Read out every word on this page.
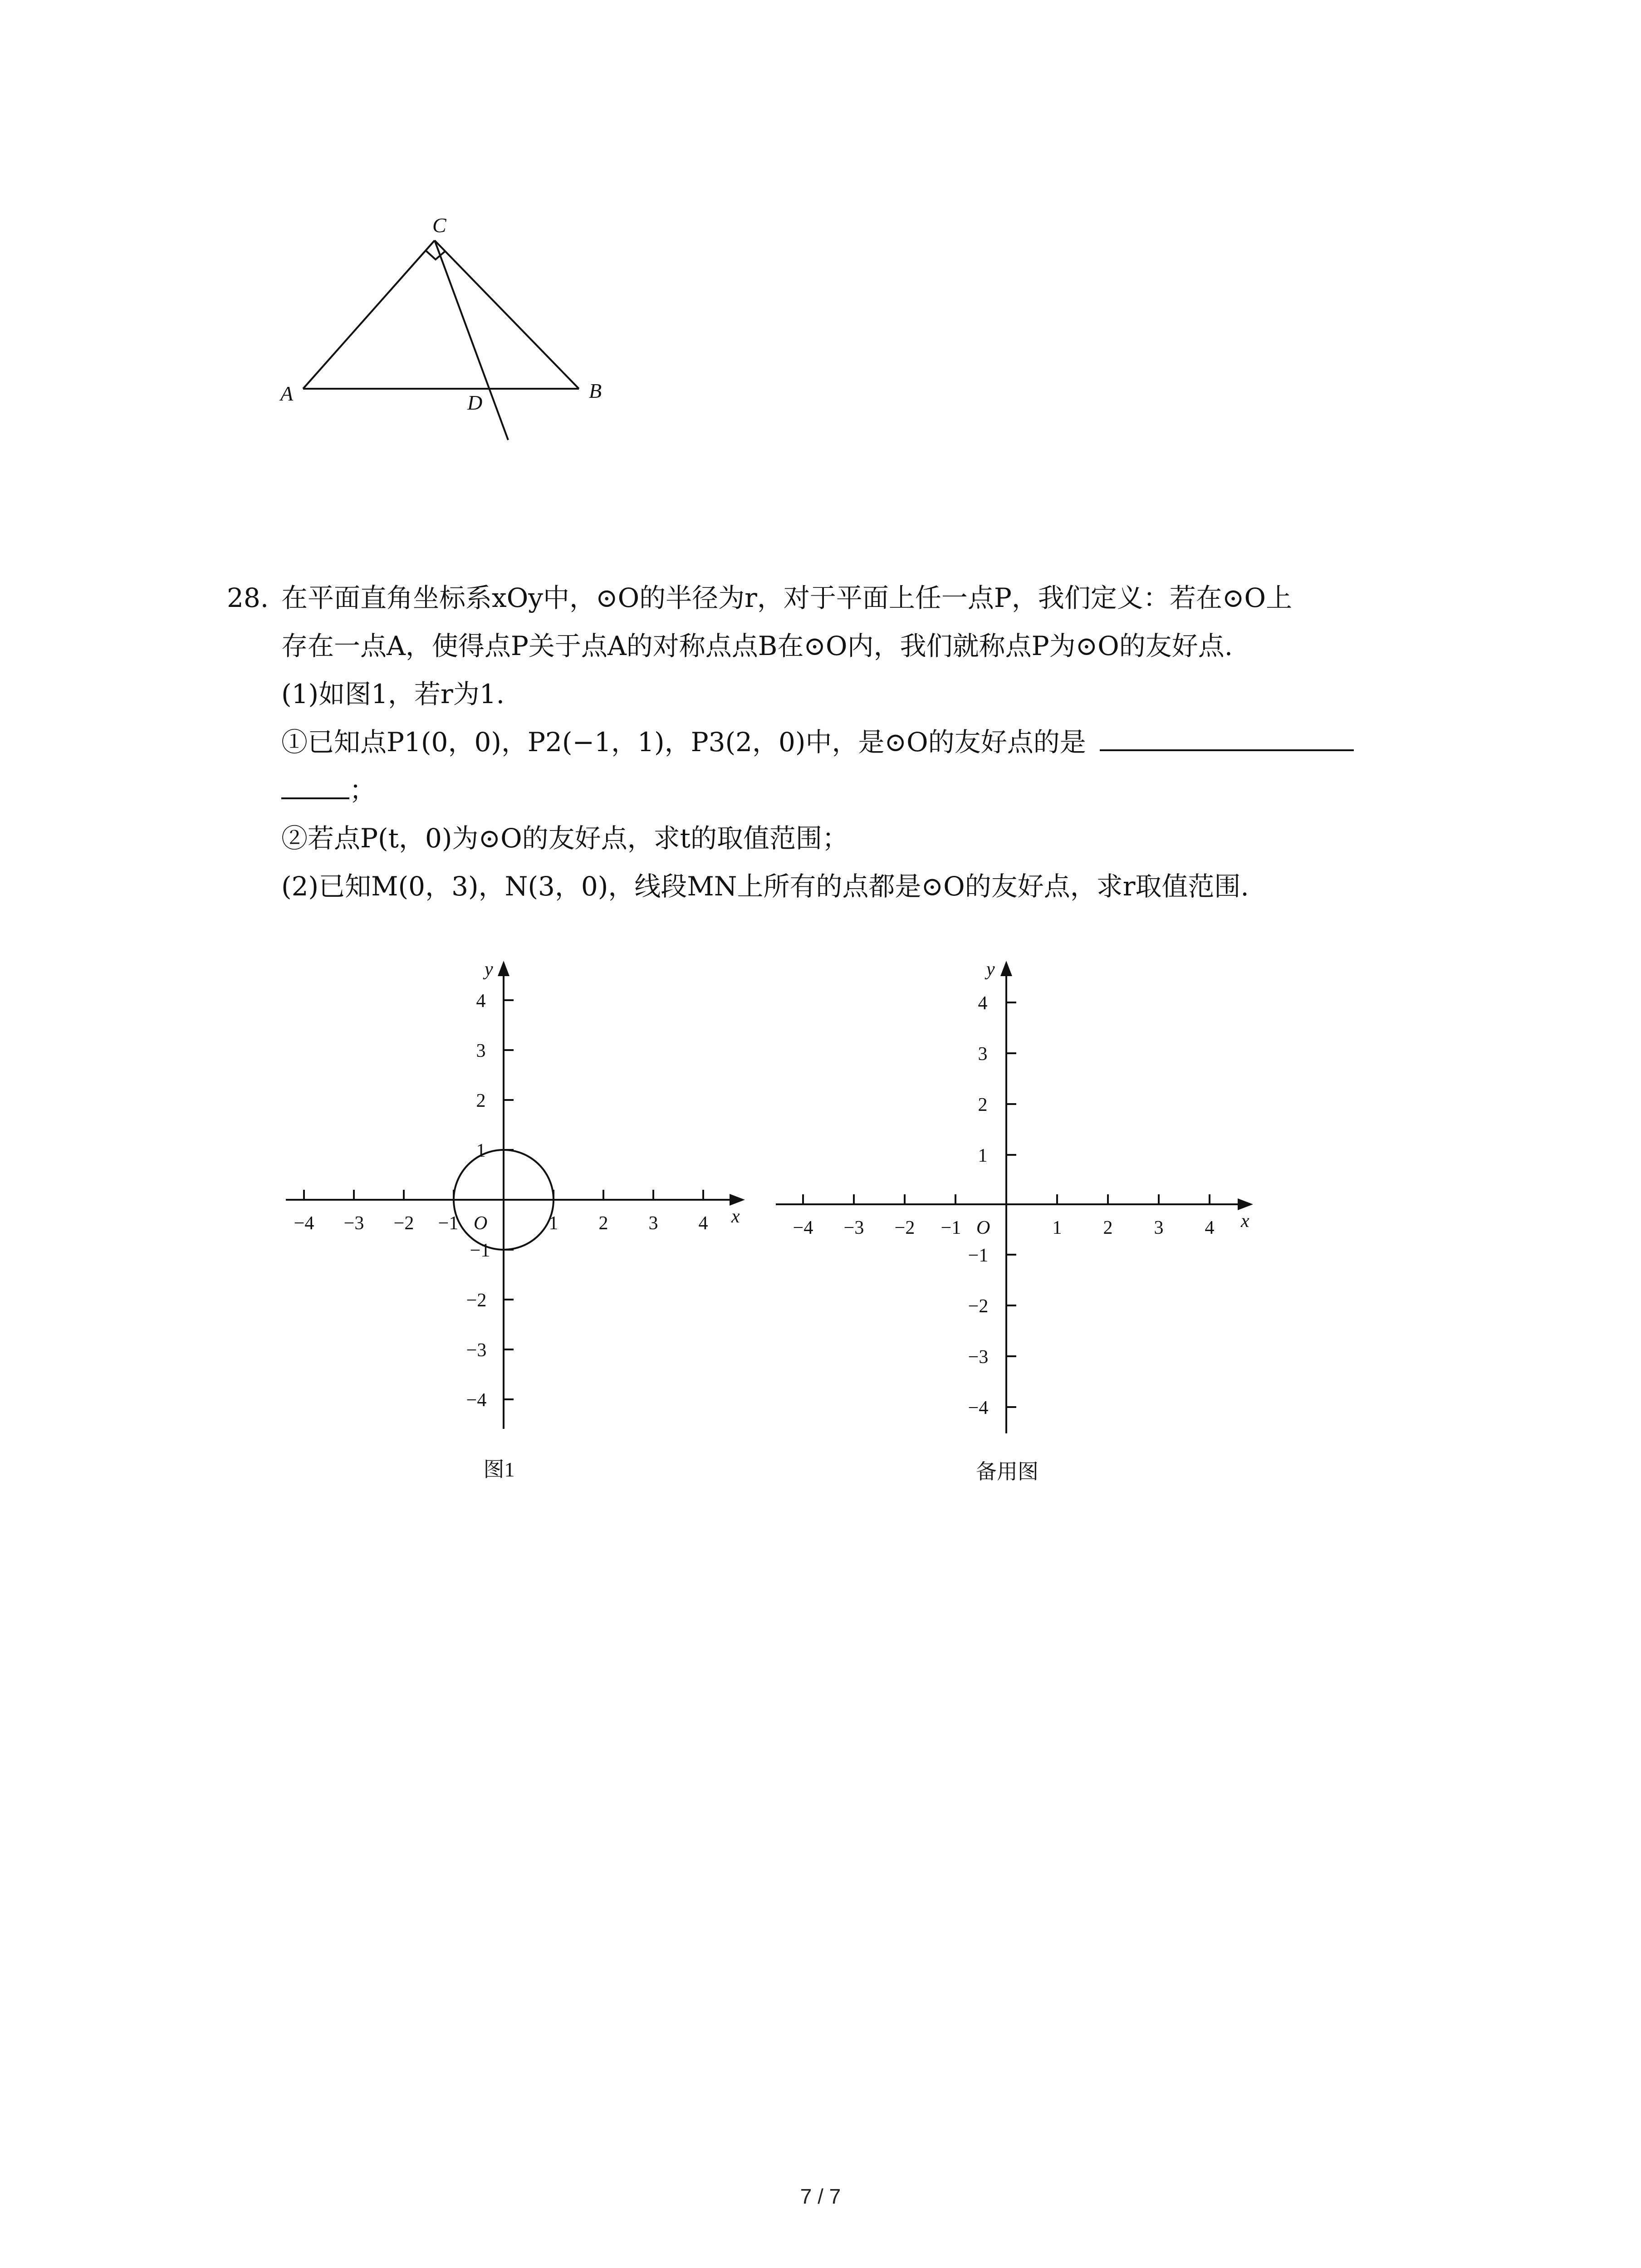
C
A	B
D
28. 在平面直角坐标系xOy中，⊙O的半径为r，对于平面上任一点P，我们定义：若在⊙O上
存在一点A，使得点P关于点A的对称点点B在⊙O内，我们就称点P为⊙O的友好点.
(1)如图1，若r为1.
①已知点P1(0，0)，P2(−1，1)，P3(2，0)中，是⊙O的友好点的是
；
②若点P(t，0)为⊙O的友好点，求t的取值范围；
(2)已知M(0，3)，N(3，0)，线段MN上所有的点都是⊙O的友好点，求r取值范围.
−4 −3 −2 −1	1 2 3 4
4
3
2
1
−1
−2
−3
−4
x
y
O
图1
−4 −3 −2 −1	1 2 3 4
4
3
2
1
−1
−2
−3
−4
x
y
O
备用图
7 / 7
